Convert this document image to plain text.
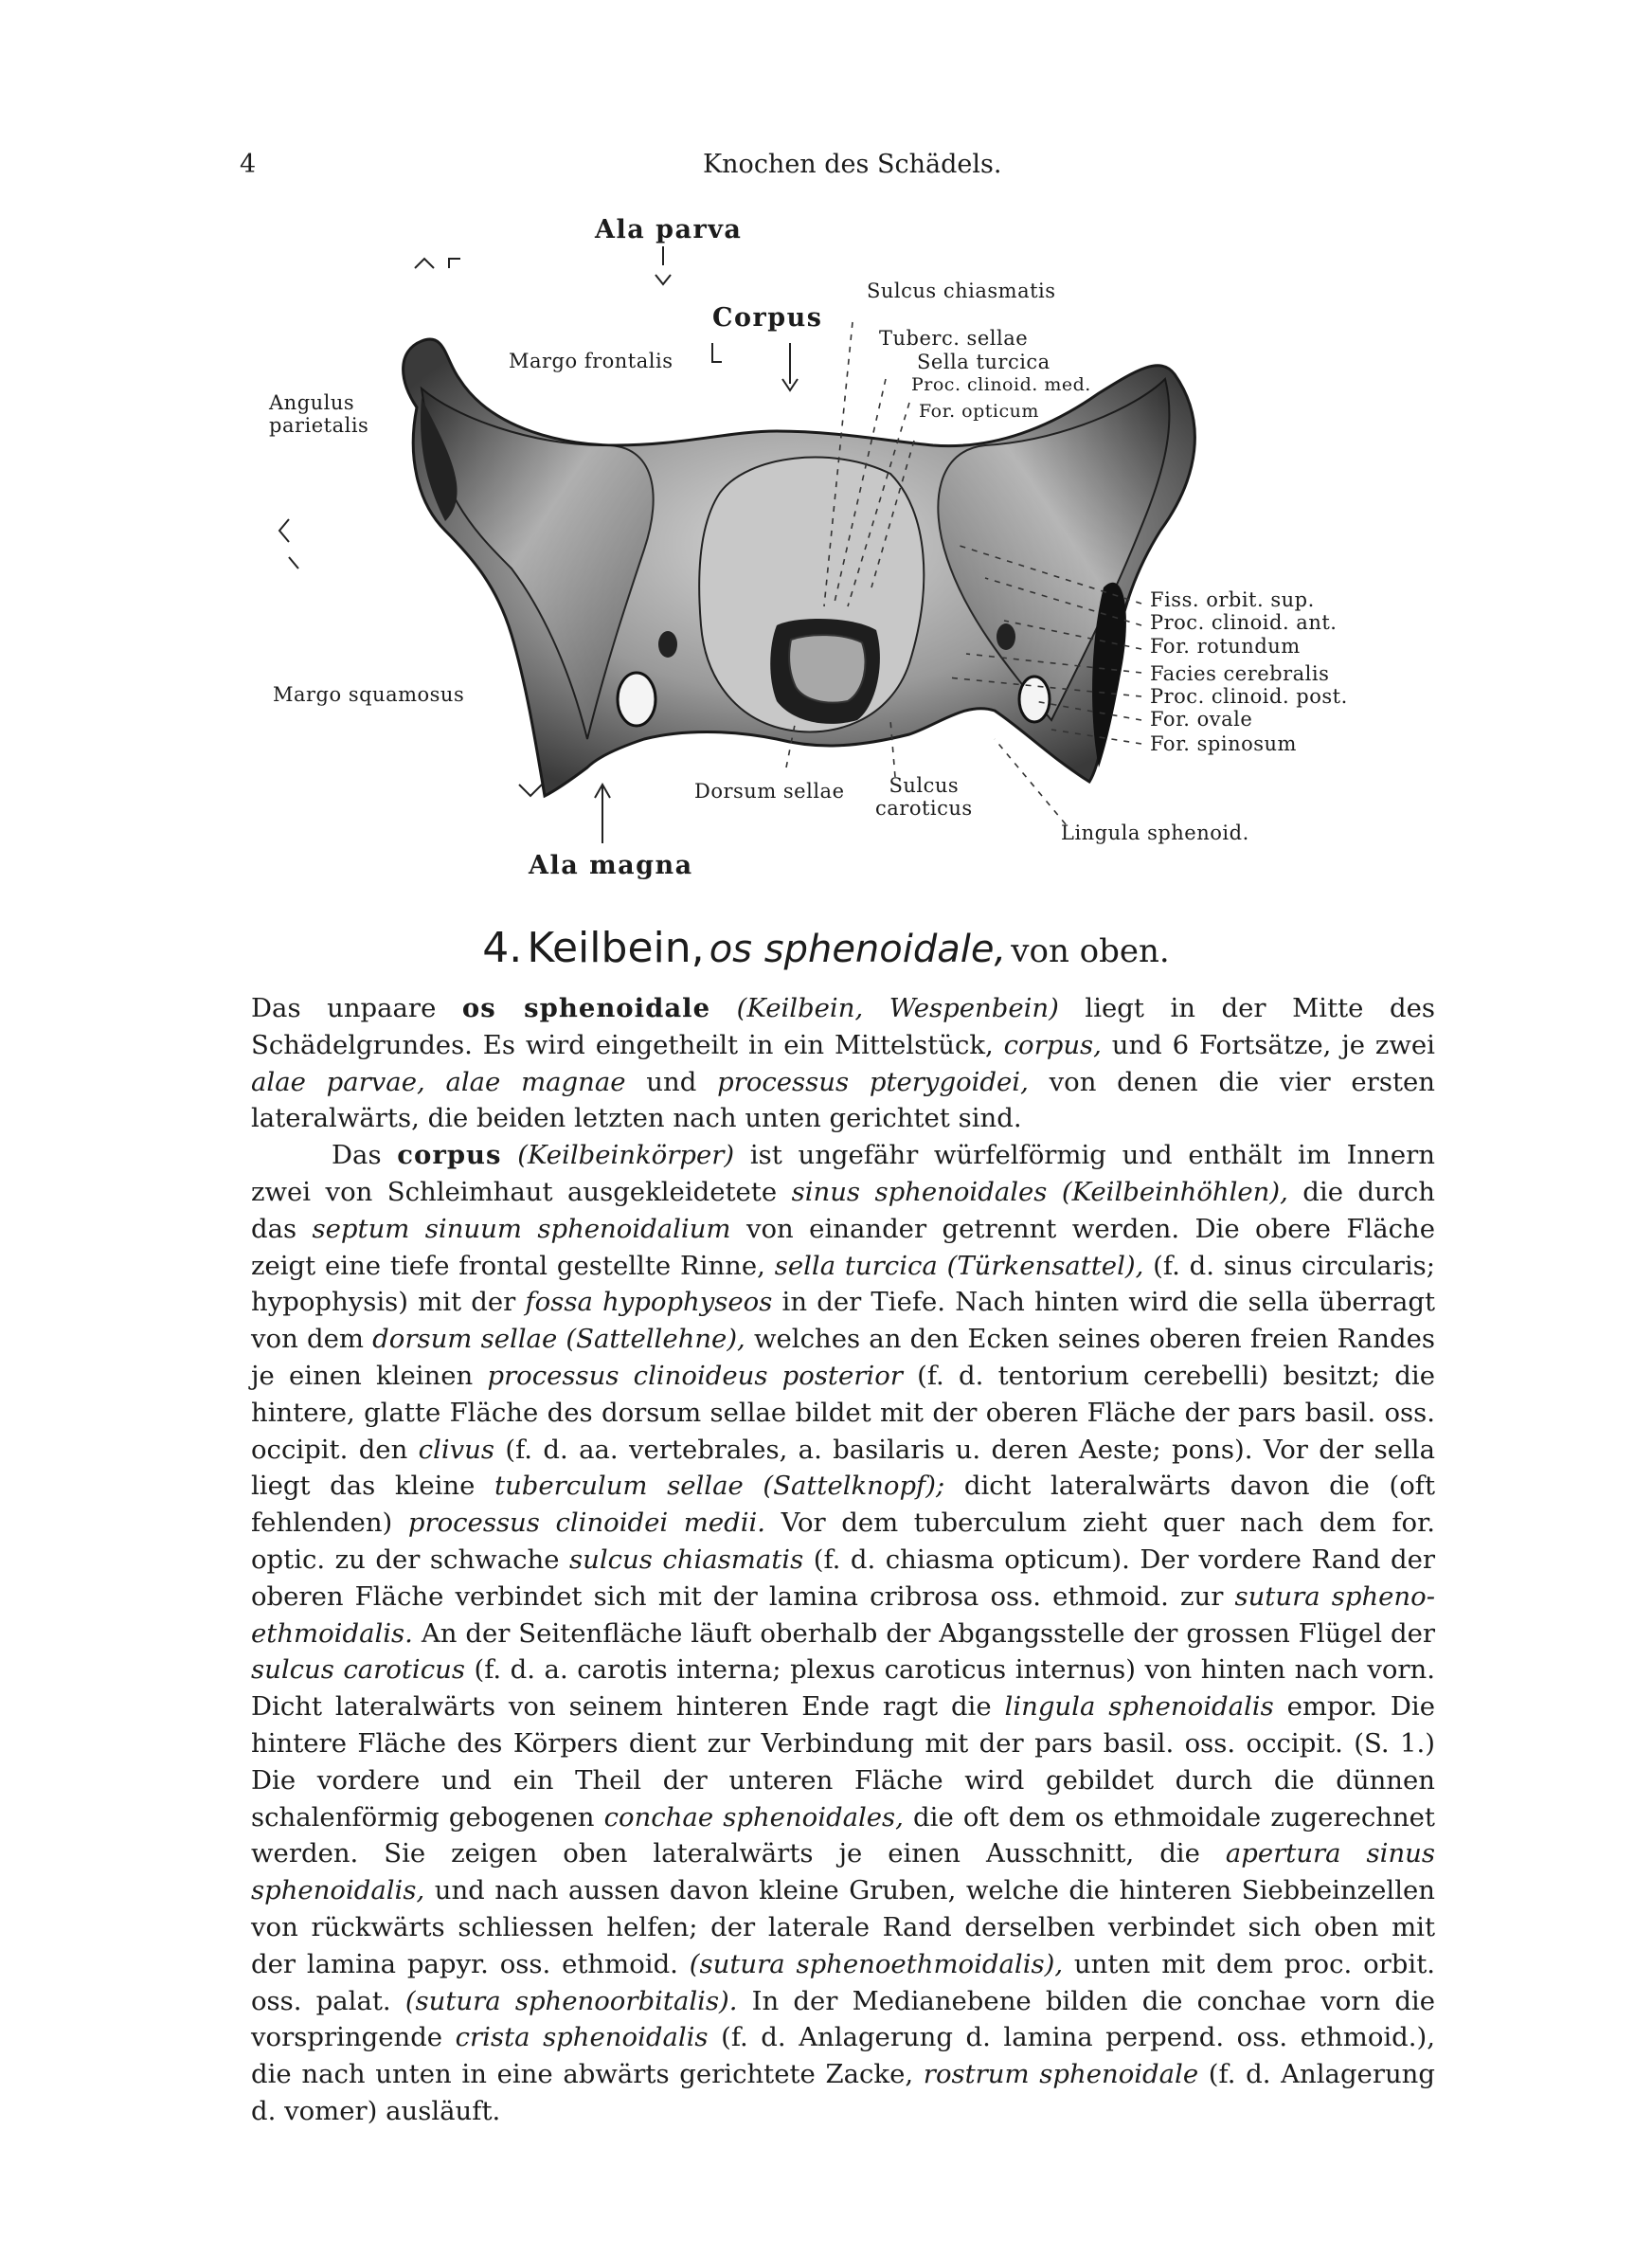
4	Knochen des Schädels.
Ala parva
Corpus
Sulcus chiasmatis
Tuberc. sellae
Sella turcica
Proc. clinoid. med.
For. opticum
Margo frontalis
Angulus
parietalis
Margo squamosus
Fiss. orbit. sup.
Proc. clinoid. ant.
For. rotundum
Facies cerebralis
Proc. clinoid. post.
For. ovale
For. spinosum
Dorsum sellae	Sulcus
caroticus
Lingula sphenoid.
Ala magna
4. Keilbein, os sphenoidale, von oben.

Das unpaare os sphenoidale (Keilbein, Wespenbein) liegt in der Mitte des Schädelgrundes. Es wird eingetheilt in ein Mittelstück, corpus, und 6 Fortsätze, je zwei alae parvae, alae magnae und processus pterygoidei, von denen die vier ersten lateralwärts, die beiden letzten nach unten gerichtet sind.

Das corpus (Keilbeinkörper) ist ungefähr würfelförmig und enthält im Innern zwei von Schleimhaut ausgekleidetete sinus sphenoidales (Keilbeinhöhlen), die durch das septum sinuum sphenoidalium von einander getrennt werden. Die obere Fläche zeigt eine tiefe frontal gestellte Rinne, sella turcica (Türkensattel), (f. d. sinus circularis; hypophysis) mit der fossa hypophyseos in der Tiefe. Nach hinten wird die sella überragt von dem dorsum sellae (Sattellehne), welches an den Ecken seines oberen freien Randes je einen kleinen processus clinoideus posterior (f. d. tentorium cerebelli) besitzt; die hintere, glatte Fläche des dorsum sellae bildet mit der oberen Fläche der pars basil. oss. occipit. den clivus (f. d. aa. vertebrales, a. basilaris u. deren Aeste; pons). Vor der sella liegt das kleine tuberculum sellae (Sattelknopf); dicht lateralwärts davon die (oft fehlenden) processus clinoidei medii. Vor dem tuberculum zieht quer nach dem for. optic. zu der schwache sulcus chiasmatis (f. d. chiasma opticum). Der vordere Rand der oberen Fläche verbindet sich mit der lamina cribrosa oss. ethmoid. zur sutura spheno-ethmoidalis. An der Seitenfläche läuft oberhalb der Abgangsstelle der grossen Flügel der sulcus caroticus (f. d. a. carotis interna; plexus caroticus internus) von hinten nach vorn. Dicht lateralwärts von seinem hinteren Ende ragt die lingula sphenoidalis empor. Die hintere Fläche des Körpers dient zur Verbindung mit der pars basil. oss. occipit. (S. 1.) Die vordere und ein Theil der unteren Fläche wird gebildet durch die dünnen schalenförmig gebogenen conchae sphenoidales, die oft dem os ethmoidale zugerechnet werden. Sie zeigen oben lateralwärts je einen Ausschnitt, die apertura sinus sphenoidalis, und nach aussen davon kleine Gruben, welche die hinteren Siebbeinzellen von rückwärts schliessen helfen; der laterale Rand derselben verbindet sich oben mit der lamina papyr. oss. ethmoid. (sutura sphenoethmoidalis), unten mit dem proc. orbit. oss. palat. (sutura sphenoorbitalis). In der Medianebene bilden die conchae vorn die vorspringende crista sphenoidalis (f. d. Anlagerung d. lamina perpend. oss. ethmoid.), die nach unten in eine abwärts gerichtete Zacke, rostrum sphenoidale (f. d. Anlagerung d. vomer) ausläuft.
